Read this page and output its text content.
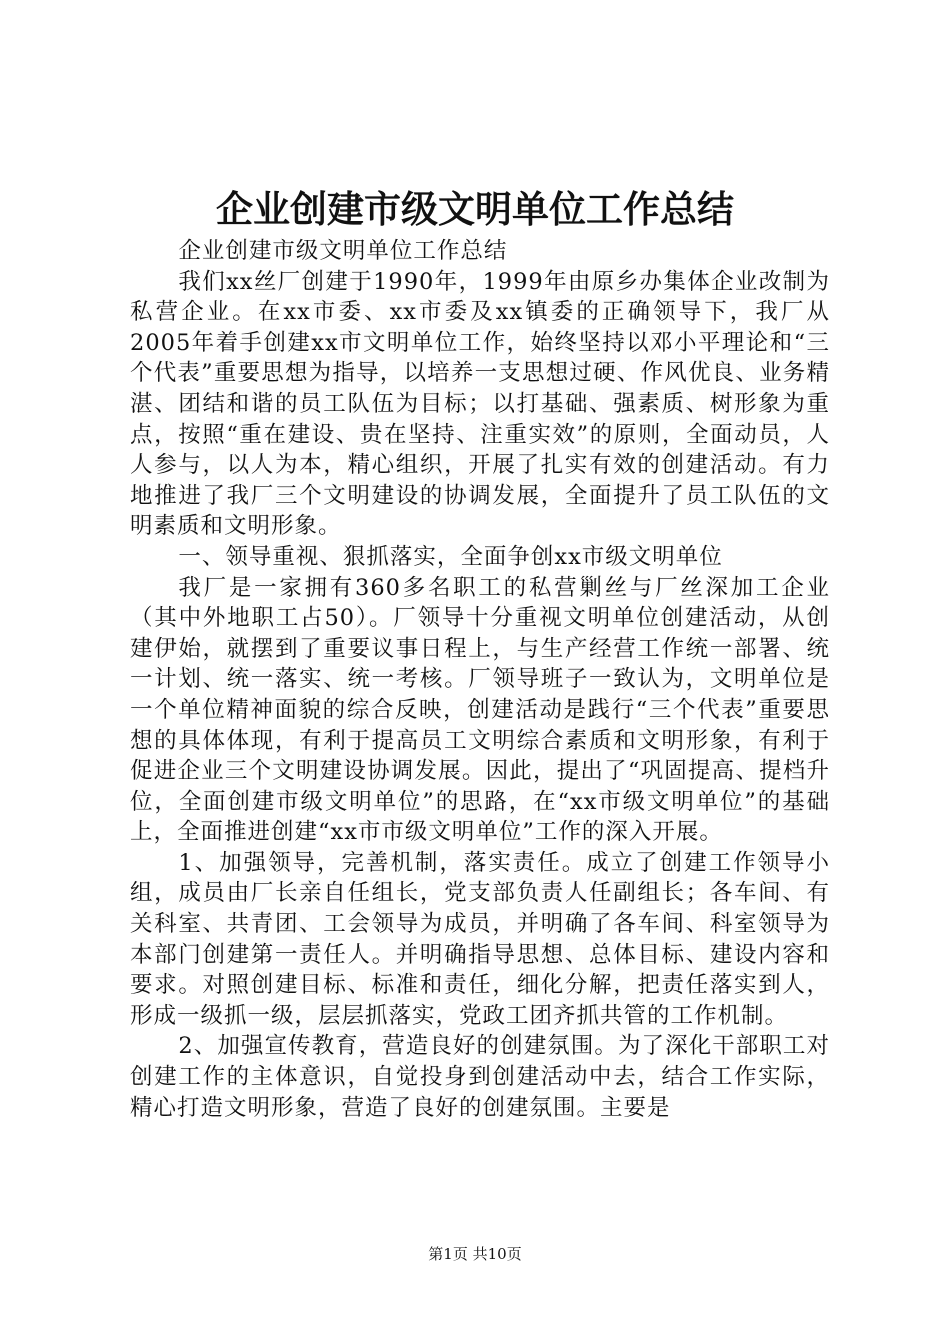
企业创建市级文明单位工作总结

企业创建市级文明单位工作总结

我们xx丝厂创建于1990年，1999年由原乡办集体企业改制为私营企业。在xx市委、xx市委及xx镇委的正确领导下，我厂从2005年着手创建xx市文明单位工作，始终坚持以邓小平理论和“三个代表”重要思想为指导，以培养一支思想过硬、作风优良、业务精湛、团结和谐的员工队伍为目标；以打基础、强素质、树形象为重点，按照“重在建设、贵在坚持、注重实效”的原则，全面动员，人人参与，以人为本，精心组织，开展了扎实有效的创建活动。有力地推进了我厂三个文明建设的协调发展，全面提升了员工队伍的文明素质和文明形象。

一、领导重视、狠抓落实，全面争创xx市级文明单位

我厂是一家拥有360多名职工的私营剿丝与厂丝深加工企业（其中外地职工占50）。厂领导十分重视文明单位创建活动，从创建伊始，就摆到了重要议事日程上，与生产经营工作统一部署、统一计划、统一落实、统一考核。厂领导班子一致认为，文明单位是一个单位精神面貌的综合反映，创建活动是践行“三个代表”重要思想的具体体现，有利于提高员工文明综合素质和文明形象，有利于促进企业三个文明建设协调发展。因此，提出了“巩固提高、提档升位，全面创建市级文明单位”的思路，在“xx市级文明单位”的基础上，全面推进创建“xx市市级文明单位”工作的深入开展。

1、加强领导，完善机制，落实责任。成立了创建工作领导小组，成员由厂长亲自任组长，党支部负责人任副组长；各车间、有关科室、共青团、工会领导为成员，并明确了各车间、科室领导为本部门创建第一责任人。并明确指导思想、总体目标、建设内容和要求。对照创建目标、标准和责任，细化分解，把责任落实到人，形成一级抓一级，层层抓落实，党政工团齐抓共管的工作机制。

2、加强宣传教育，营造良好的创建氛围。为了深化干部职工对创建工作的主体意识，自觉投身到创建活动中去，结合工作实际，精心打造文明形象，营造了良好的创建氛围。主要是

第1页 共10页
